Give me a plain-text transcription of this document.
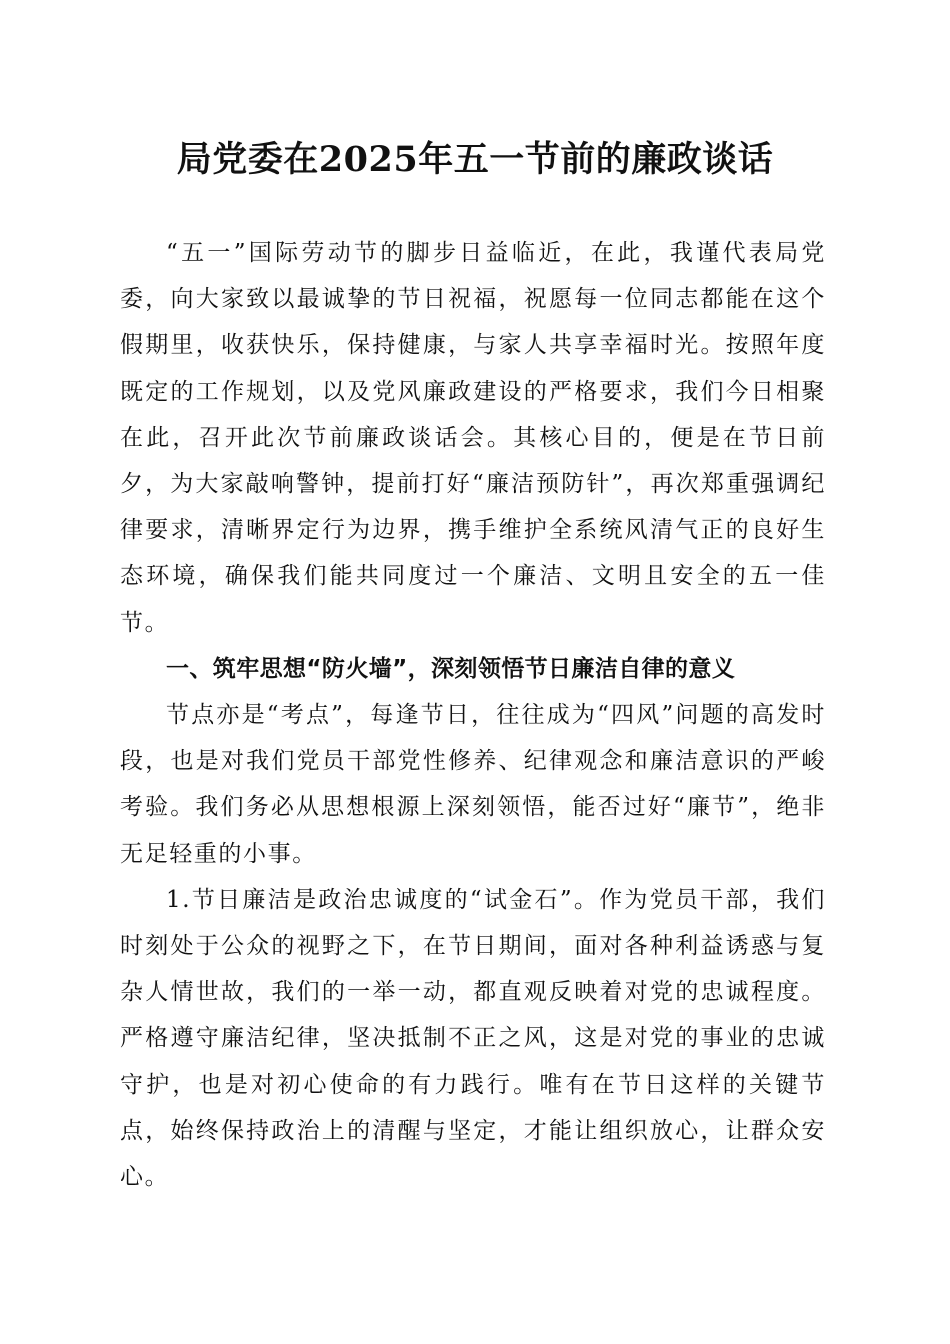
局党委在2025年五一节前的廉政谈话

“五一”国际劳动节的脚步日益临近，在此，我谨代表局党委，向大家致以最诚挚的节日祝福，祝愿每一位同志都能在这个假期里，收获快乐，保持健康，与家人共享幸福时光。按照年度既定的工作规划，以及党风廉政建设的严格要求，我们今日相聚在此，召开此次节前廉政谈话会。其核心目的，便是在节日前夕，为大家敲响警钟，提前打好“廉洁预防针”，再次郑重强调纪律要求，清晰界定行为边界，携手维护全系统风清气正的良好生态环境，确保我们能共同度过一个廉洁、文明且安全的五一佳节。

一、筑牢思想“防火墙”，深刻领悟节日廉洁自律的意义

节点亦是“考点”，每逢节日，往往成为“四风”问题的高发时段，也是对我们党员干部党性修养、纪律观念和廉洁意识的严峻考验。我们务必从思想根源上深刻领悟，能否过好“廉节”，绝非无足轻重的小事。

1.节日廉洁是政治忠诚度的“试金石”。作为党员干部，我们时刻处于公众的视野之下，在节日期间，面对各种利益诱惑与复杂人情世故，我们的一举一动，都直观反映着对党的忠诚程度。严格遵守廉洁纪律，坚决抵制不正之风，这是对党的事业的忠诚守护，也是对初心使命的有力践行。唯有在节日这样的关键节点，始终保持政治上的清醒与坚定，才能让组织放心，让群众安心。
